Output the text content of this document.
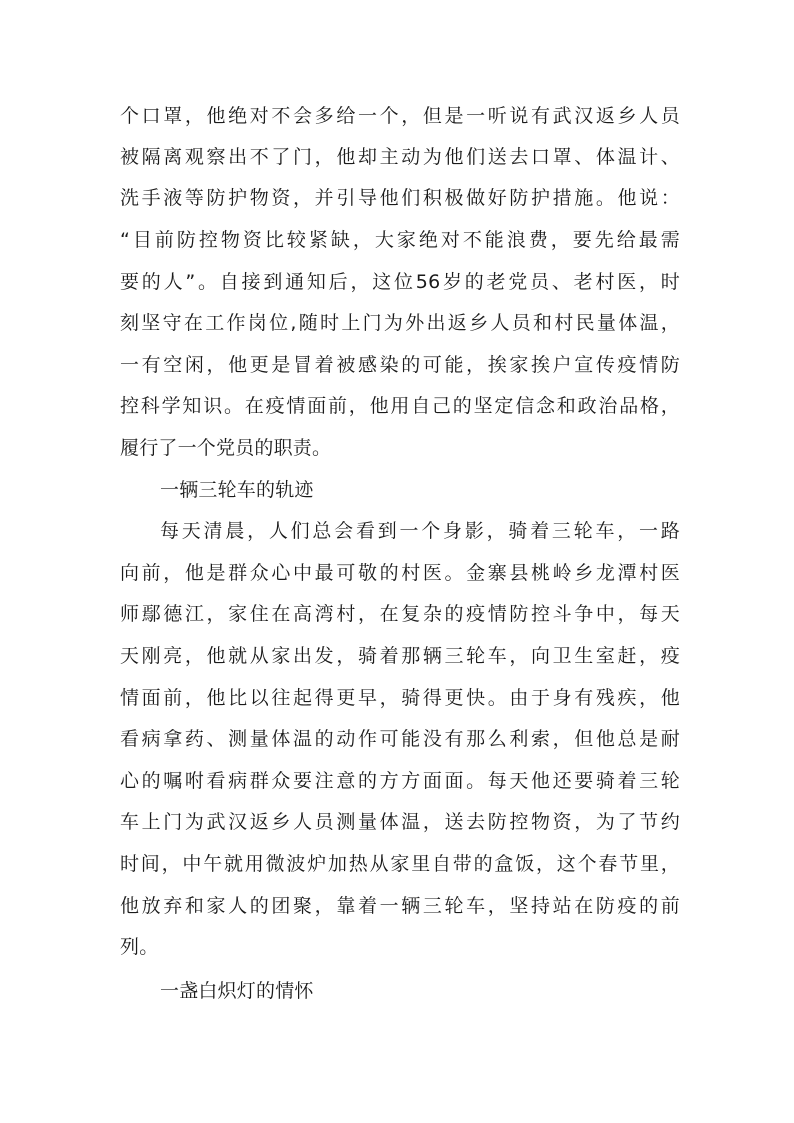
个口罩，他绝对不会多给一个，但是一听说有武汉返乡人员
被隔离观察出不了门，他却主动为他们送去口罩、体温计、
洗手液等防护物资，并引导他们积极做好防护措施。他说：
“目前防控物资比较紧缺，大家绝对不能浪费，要先给最需
要的人”。自接到通知后，这位56岁的老党员、老村医，时
刻坚守在工作岗位,随时上门为外出返乡人员和村民量体温，
一有空闲，他更是冒着被感染的可能，挨家挨户宣传疫情防
控科学知识。在疫情面前，他用自己的坚定信念和政治品格，
履行了一个党员的职责。
一辆三轮车的轨迹
每天清晨，人们总会看到一个身影，骑着三轮车，一路
向前，他是群众心中最可敬的村医。金寨县桃岭乡龙潭村医
师鄢德江，家住在高湾村，在复杂的疫情防控斗争中，每天
天刚亮，他就从家出发，骑着那辆三轮车，向卫生室赶，疫
情面前，他比以往起得更早，骑得更快。由于身有残疾，他
看病拿药、测量体温的动作可能没有那么利索，但他总是耐
心的嘱咐看病群众要注意的方方面面。每天他还要骑着三轮
车上门为武汉返乡人员测量体温，送去防控物资，为了节约
时间，中午就用微波炉加热从家里自带的盒饭，这个春节里，
他放弃和家人的团聚，靠着一辆三轮车，坚持站在防疫的前
列。
一盏白炽灯的情怀
